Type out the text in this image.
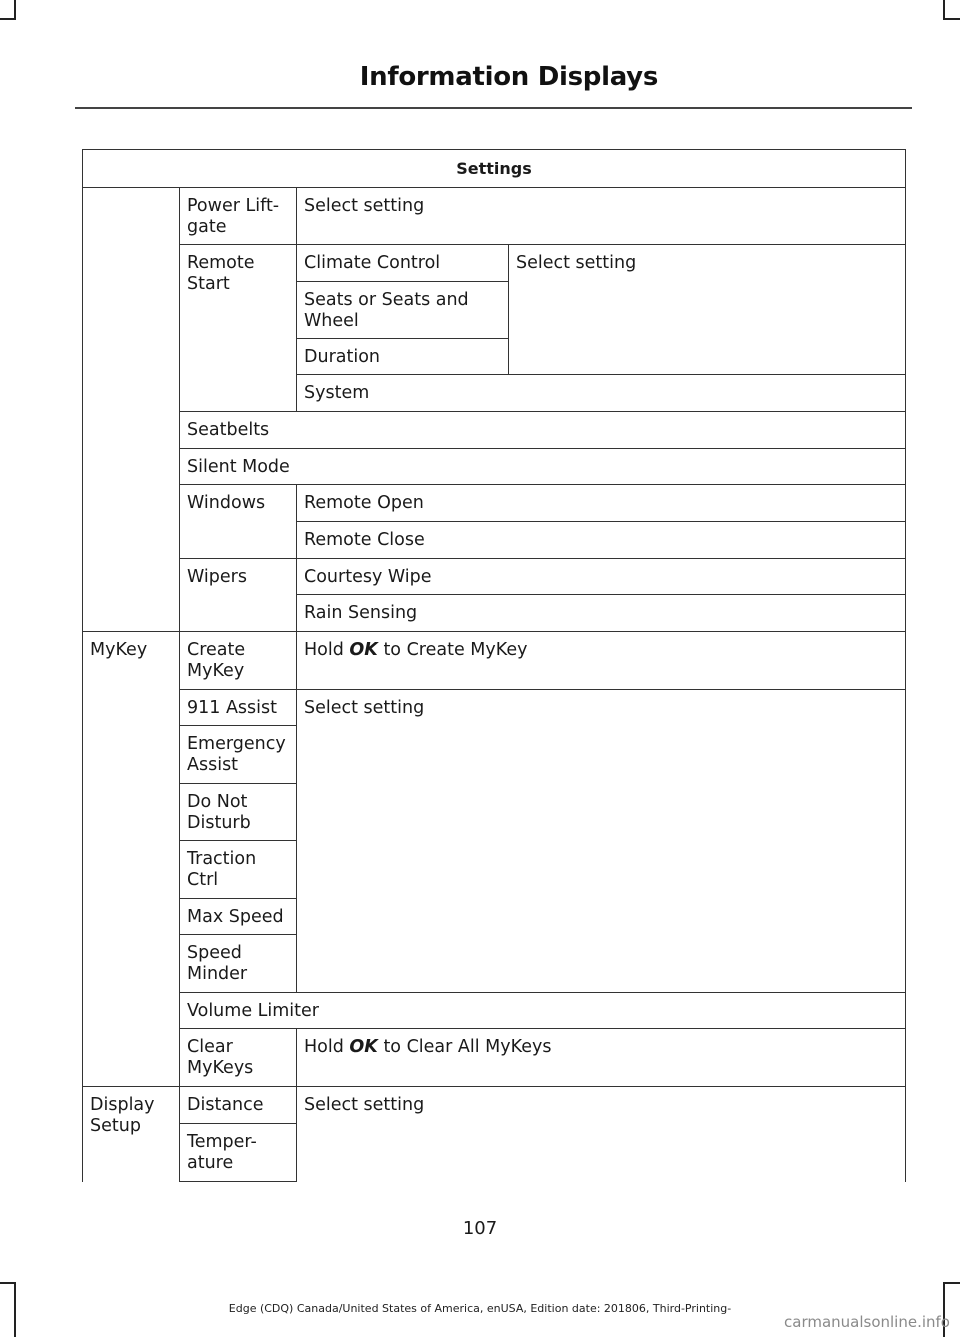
Information Displays
Settings			
	Power Lift-gate	Select setting	
	Remote Start	Climate Control	Select setting
		Seats or Seats and Wheel	
		Duration	
		System	
	Seatbelts		
	Silent Mode		
	Windows	Remote Open	
		Remote Close	
	Wipers	Courtesy Wipe	
		Rain Sensing	

MyKey	Create MyKey	Hold OK to Create MyKey	
	911 Assist	Select setting	
	Emergency Assist		
	Do Not Disturb		
	Traction Ctrl		
	Max Speed		
	Speed Minder		
	Volume Limiter		
	Clear MyKeys	Hold OK to Clear All MyKeys	
Display Setup	Distance	Select setting	
	Temper-ature		
107
Edge (CDQ) Canada/United States of America, enUSA, Edition date: 201806, Third-Printing-
carmanualsonline.info
